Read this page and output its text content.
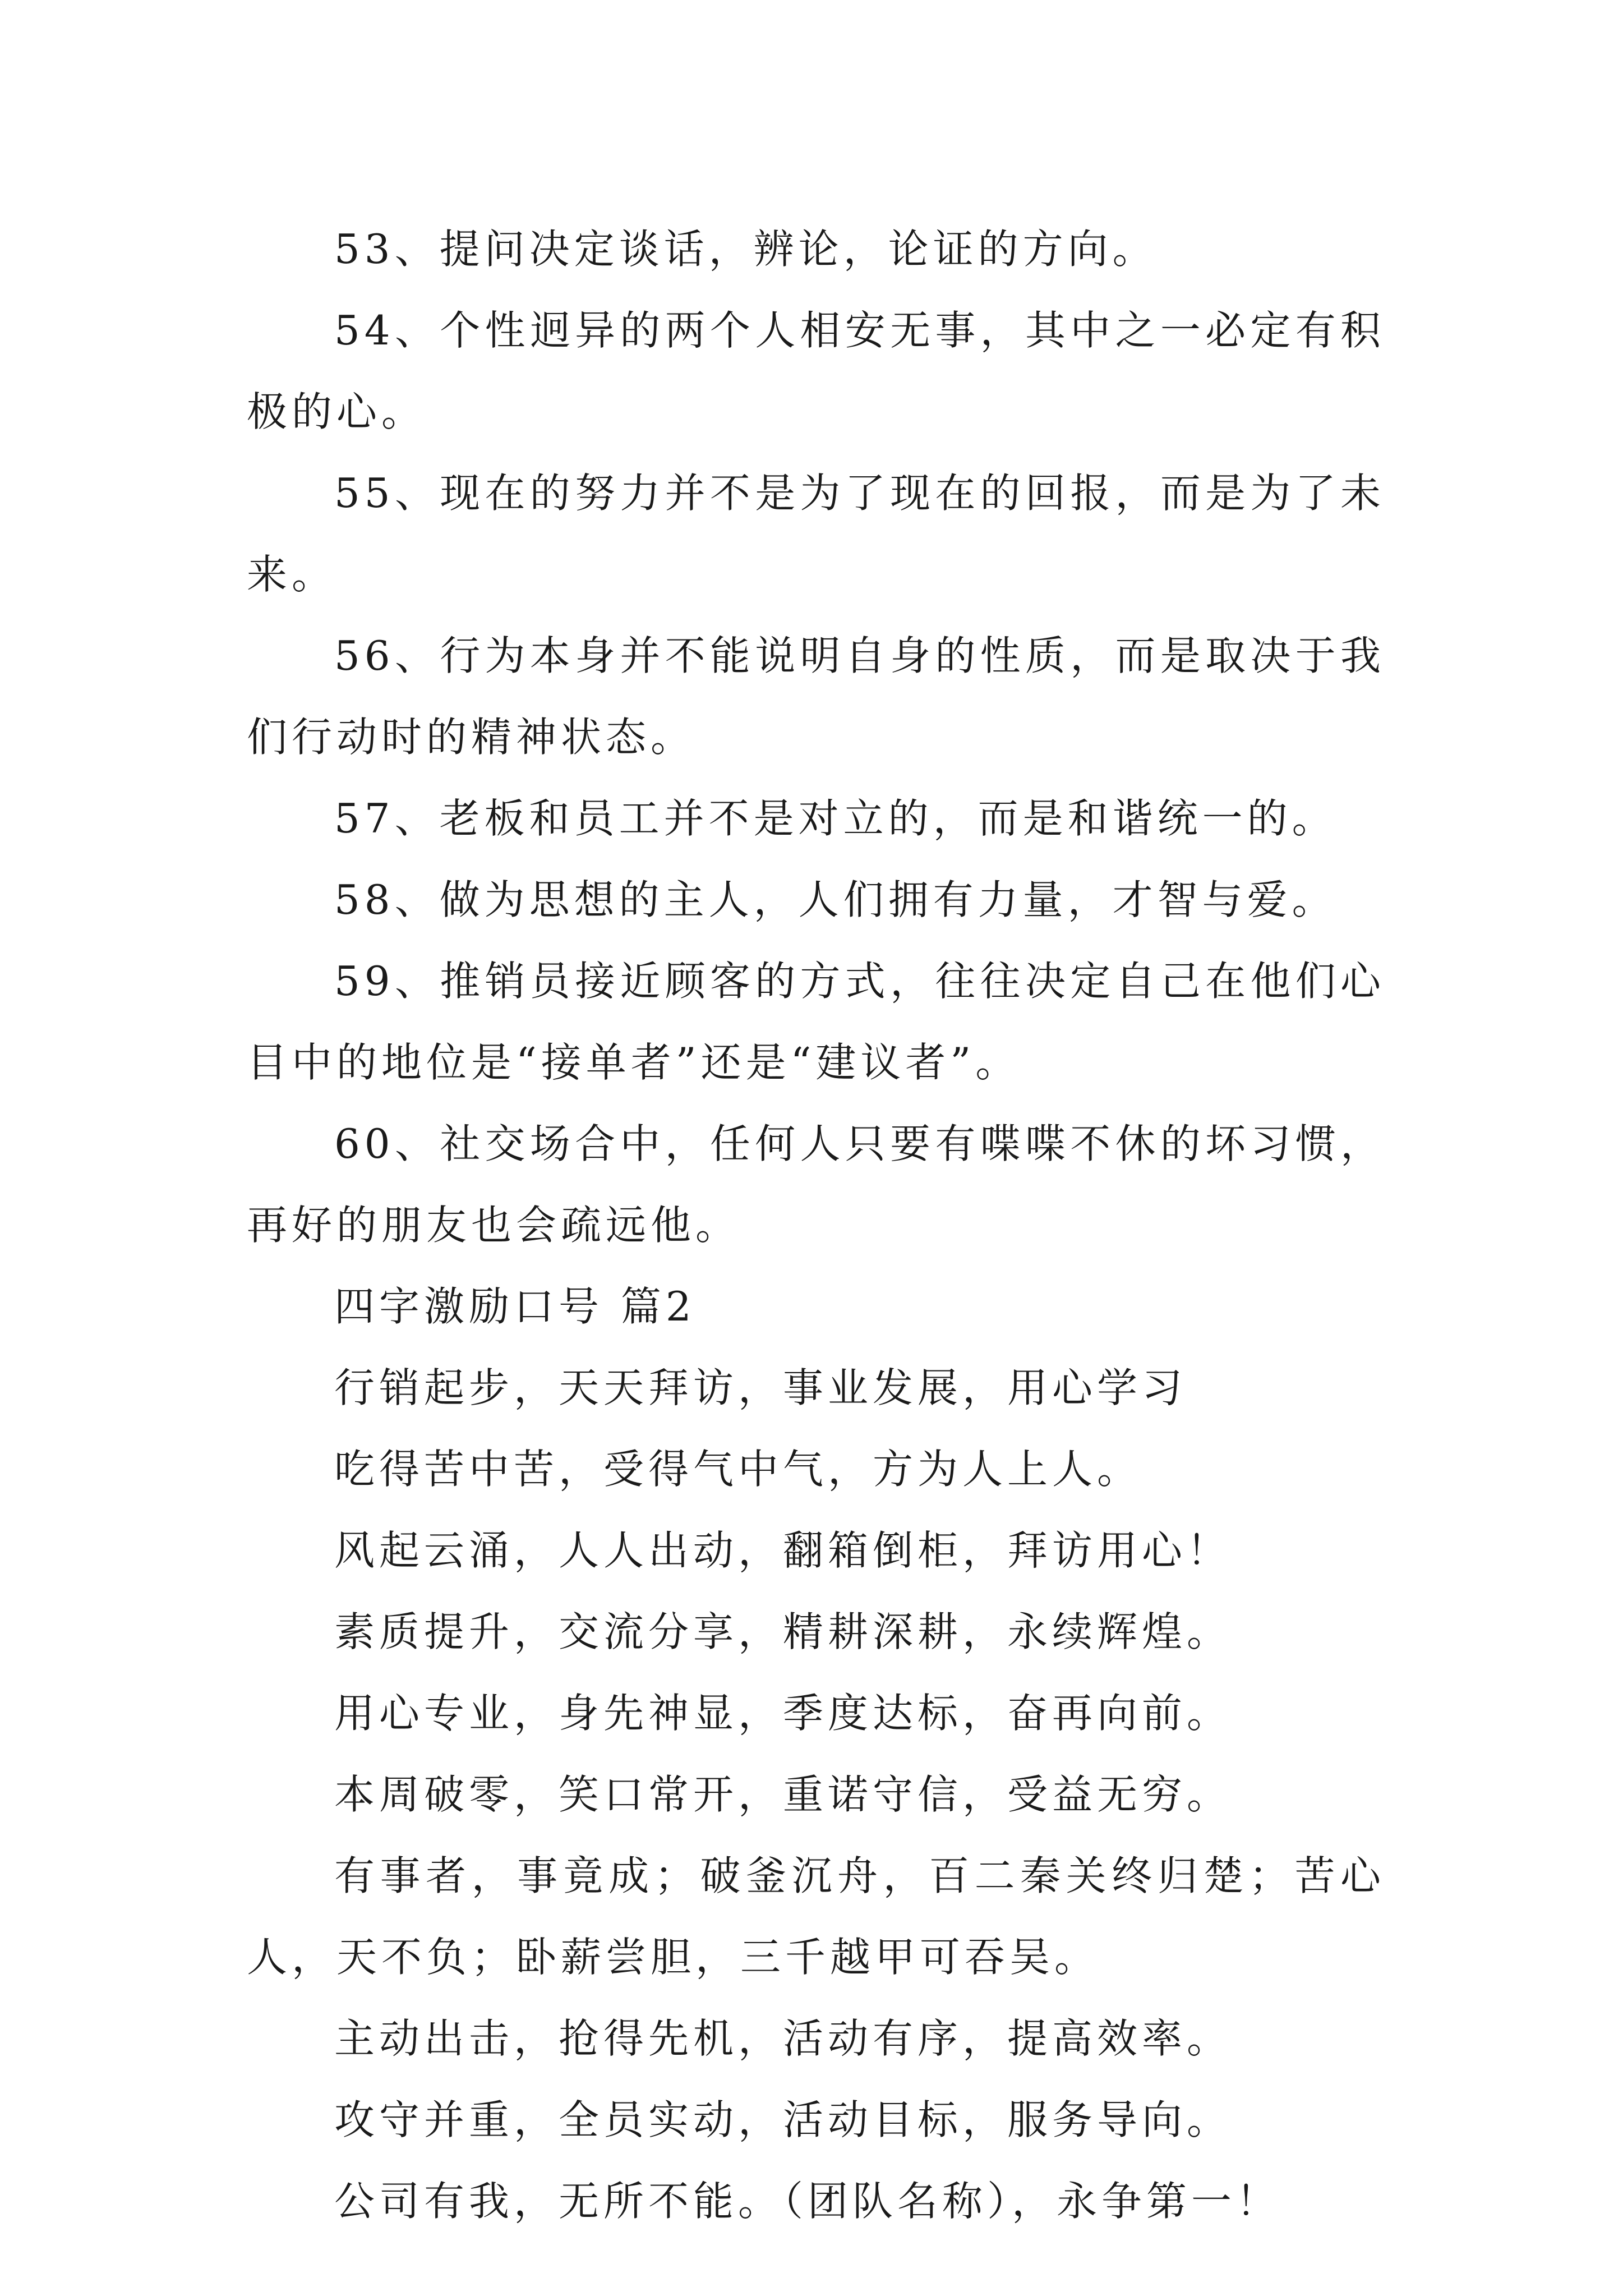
53、提问决定谈话，辨论，论证的方向。

54、个性迥异的两个人相安无事，其中之一必定有积极的心。

55、现在的努力并不是为了现在的回报，而是为了未来。

56、行为本身并不能说明自身的性质，而是取决于我们行动时的精神状态。

57、老板和员工并不是对立的，而是和谐统一的。

58、做为思想的主人，人们拥有力量，才智与爱。

59、推销员接近顾客的方式，往往决定自己在他们心目中的地位是“接单者”还是“建议者”。

60、社交场合中，任何人只要有喋喋不休的坏习惯，再好的朋友也会疏远他。

四字激励口号 篇2

行销起步，天天拜访，事业发展，用心学习

吃得苦中苦，受得气中气，方为人上人。

风起云涌，人人出动，翻箱倒柜，拜访用心！

素质提升，交流分享，精耕深耕，永续辉煌。

用心专业，身先神显，季度达标，奋再向前。

本周破零，笑口常开，重诺守信，受益无穷。

有事者，事竟成；破釜沉舟，百二秦关终归楚；苦心人，天不负；卧薪尝胆，三千越甲可吞吴。

主动出击，抢得先机，活动有序，提高效率。

攻守并重，全员实动，活动目标，服务导向。

公司有我，无所不能。（团队名称），永争第一！
